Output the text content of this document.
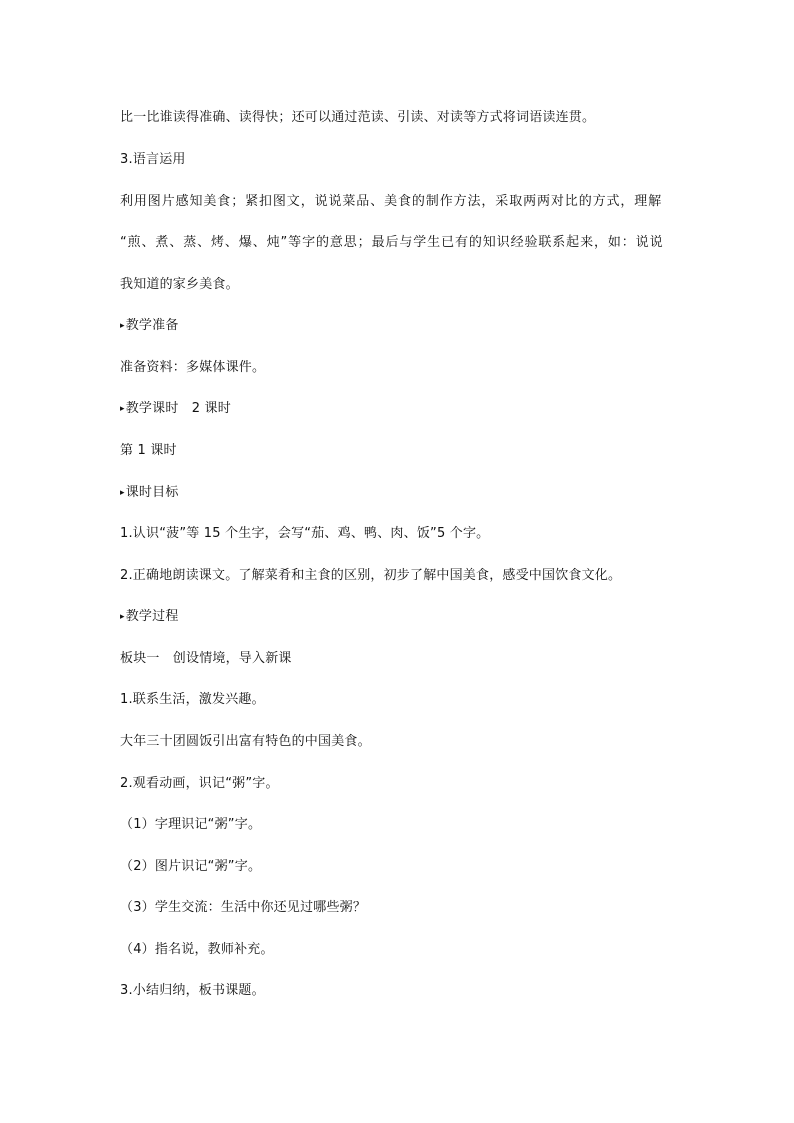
比一比谁读得准确、读得快；还可以通过范读、引读、对读等方式将词语读连贯。
3.语言运用
利用图片感知美食；紧扣图文，说说菜品、美食的制作方法，采取两两对比的方式，理解
“煎、煮、蒸、烤、爆、炖”等字的意思；最后与学生已有的知识经验联系起来，如：说说
我知道的家乡美食。
▸教学准备
准备资料：多媒体课件。
▸教学课时　2 课时
第 1 课时
▸课时目标
1.认识“菠”等 15 个生字，会写“茄、鸡、鸭、肉、饭”5 个字。
2.正确地朗读课文。了解菜肴和主食的区别，初步了解中国美食，感受中国饮食文化。
▸教学过程
板块一　创设情境，导入新课
1.联系生活，激发兴趣。
大年三十团圆饭引出富有特色的中国美食。
2.观看动画，识记“粥”字。
（1）字理识记“粥”字。
（2）图片识记“粥”字。
（3）学生交流：生活中你还见过哪些粥？
（4）指名说，教师补充。
3.小结归纳，板书课题。
